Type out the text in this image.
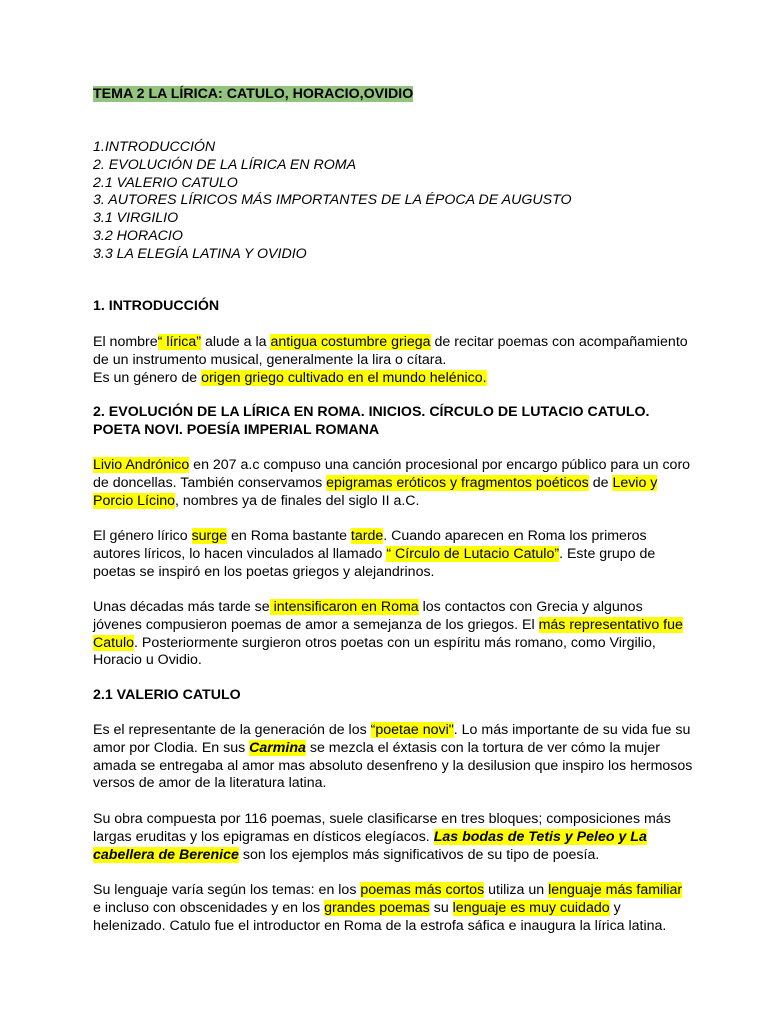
TEMA 2 LA LÍRICA: CATULO, HORACIO,OVIDIO
1.INTRODUCCIÓN
2. EVOLUCIÓN DE LA LÍRICA EN ROMA
2.1 VALERIO CATULO
3. AUTORES LÍRICOS MÁS IMPORTANTES DE LA ÉPOCA DE AUGUSTO
3.1 VIRGILIO
3.2 HORACIO
3.3 LA ELEGÍA LATINA Y OVIDIO
1. INTRODUCCIÓN

El nombre“ lírica” alude a la antigua costumbre griega de recitar poemas con acompañamiento de un instrumento musical, generalmente la lira o cítara.

Es un género de origen griego cultivado en el mundo helénico.

2. EVOLUCIÓN DE LA LÍRICA EN ROMA. INICIOS. CÍRCULO DE LUTACIO CATULO. POETA NOVI. POESÍA IMPERIAL ROMANA

Livio Andrónico en 207 a.c compuso una canción procesional por encargo público para un coro de doncellas. También conservamos epigramas eróticos y fragmentos poéticos de Levio y Porcio Lícino, nombres ya de finales del siglo II a.C.

El género lírico surge en Roma bastante tarde. Cuando aparecen en Roma los primeros autores líricos, lo hacen vinculados al llamado “ Círculo de Lutacio Catulo”. Este grupo de poetas se inspiró en los poetas griegos y alejandrinos.

Unas décadas más tarde se intensificaron en Roma los contactos con Grecia y algunos jóvenes compusieron poemas de amor a semejanza de los griegos. El más representativo fue Catulo. Posteriormente surgieron otros poetas con un espíritu más romano, como Virgilio, Horacio u Ovidio.

2.1 VALERIO CATULO

Es el representante de la generación de los “poetae novi". Lo más importante de su vida fue su amor por Clodia. En sus Carmina se mezcla el éxtasis con la tortura de ver cómo la mujer amada se entregaba al amor mas absoluto desenfreno y la desilusion que inspiro los hermosos versos de amor de la literatura latina.

Su obra compuesta por 116 poemas, suele clasificarse en tres bloques; composiciones más largas eruditas y los epigramas en dísticos elegíacos. Las bodas de Tetis y Peleo y La cabellera de Berenice son los ejemplos más significativos de su tipo de poesía.

Su lenguaje varía según los temas: en los poemas más cortos utiliza un lenguaje más familiar e incluso con obscenidades y en los grandes poemas su lenguaje es muy cuidado y helenizado. Catulo fue el introductor en Roma de la estrofa sáfica e inaugura la lírica latina.
